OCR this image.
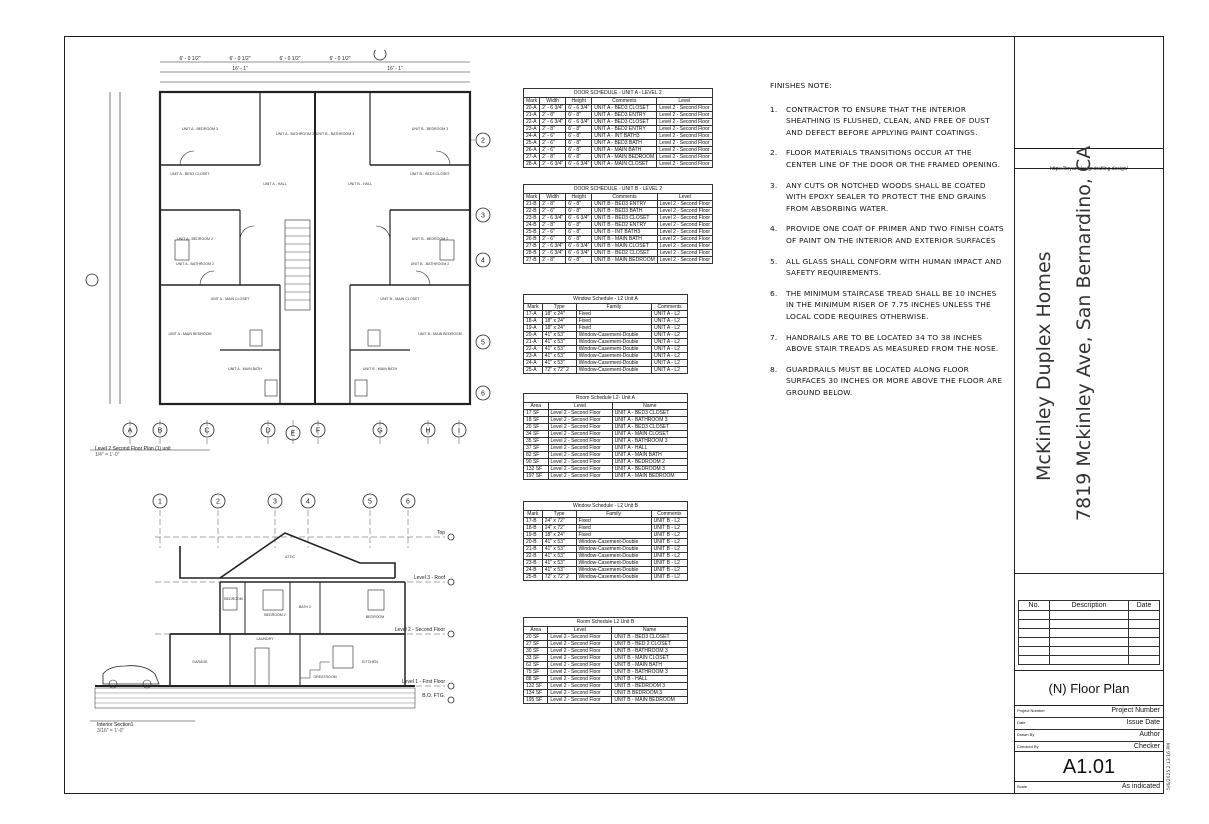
A	B	C	D	E	F	G	H	I
2
3
4
5
6
6' - 0 1/2"	6' - 0 1/2"	6' - 0 1/2"	6' - 0 1/2"
16' - 1"	16' - 1"
UNIT B - BEDROOM 3
UNIT A - BEDROOM 3
UNIT A - BATHROOM 3 UNIT B - BATHROOM 3
UNIT A - BED3 CLOSET	UNIT B - BED3 CLOSET
UNIT A - HALL	UNIT B - HALL
UNIT A - BEDROOM 2	UNIT B - BEDROOM 2
UNIT A - BATHROOM 2	UNIT B - BATHROOM 2
UNIT A - MAIN CLOSET	UNIT B - MAIN CLOSET
UNIT A - MAIN BEDROOM	UNIT B - MAIN BEDROOM
UNIT A - MAIN BATH	UNIT B - MAIN BATH
Level 2 Second Floor Plan (1) unit
1/4" = 1'-0"
1	2	3	4	5	6
Top
Level 3 - Roof
Level 2 - Second Floor
Level 1 - First Floor
B.O. FTG.
ATTIC
BEDROOM 1
BEDROOM 2
BATH 2
BEDROOM
LAUNDRY
GARAGE
GREATROOM
KITCHEN
Interior Section1
3/16" = 1'-0"
DOOR SCHEDULE - UNIT A - LEVEL 2
Mark	Width	Height	Comments	Level
20-A	2' - 6 3/4"	6' - 6 3/4"	UNIT A - BED3 CLOSET	Level 2 - Second Floor
21-A	2' - 8"	6' - 8"	UNIT A - BED3 ENTRY	Level 2 - Second Floor
22-A	2' - 6 3/4"	6' - 6 3/4"	UNIT A - BED3 CLOSET	Level 2 - Second Floor
23-A	2' - 8"	6' - 8"	UNIT A - BED2 ENTRY	Level 2 - Second Floor
24-A	2' - 6"	6' - 8"	UNIT A - INT BATH3	Level 2 - Second Floor
25-A	2' - 6"	6' - 8"	UNIT A - BED3 BATH	Level 2 - Second Floor
26-A	2' - 6"	6' - 8"	UNIT A - MAIN BATH	Level 2 - Second Floor
27-A	2' - 8"	6' - 8"	UNIT A - MAIN BEDROOM	Level 2 - Second Floor
28-A	2' - 6 3/4"	6' - 6 3/4"	UNIT A - MAIN CLOSET	Level 2 - Second Floor
DOOR SCHEDULE - UNIT B - LEVEL 2
Mark	Width	Height	Comments	Level
21-B	2' - 8"	6' - 8"	UNIT B - BED3 ENTRY	Level 2 - Second Floor
22-B	2' - 6"	6' - 8"	UNIT B - BED3 BATH	Level 2 - Second Floor
23-B	2' - 6 3/4"	6' - 6 3/4"	UNIT B - BED3 CLOSET	Level 2 - Second Floor
24-B	2' - 8"	6' - 8"	UNIT B - BED2 ENTRY	Level 2 - Second Floor
25-B	2' - 6"	6' - 8"	UNIT B - INT BATH3	Level 2 - Second Floor
26-B	2' - 6"	6' - 8"	UNIT B - MAIN BATH	Level 2 - Second Floor
27-B	2' - 6 3/4"	6' - 6 3/4"	UNIT B - MAIN CLOSET	Level 2 - Second Floor
28-B	2' - 6 3/4"	6' - 6 3/4"	UNIT B - BED2 CLOSET	Level 2 - Second Floor
27-B	2' - 8"	6' - 8"	UNIT B - MAIN BEDROOM	Level 2 - Second Floor
Window Schedule - L2 Unit A
Mark	Type	Family	Comments
17-A	18" x 24"	Fixed	UNIT A - L2
18-A	18" x 24"	Fixed	UNIT A - L2
19-A	18" x 24"	Fixed	UNIT A - L2
20-A	41" x 53"	Window-Casement-Double	UNIT A - L2
21-A	41" x 53"	Window-Casement-Double	UNIT A - L2
22-A	41" x 53"	Window-Casement-Double	UNIT A - L2
23-A	41" x 53"	Window-Casement-Double	UNIT A - L2
24-A	41" x 53"	Window-Casement-Double	UNIT A - L2
25-A	72" x 72" 2	Window-Casement-Double	UNIT A - L2
Room Schedule L2- Unit A
Area	Level	Name
17 SF	Level 2 - Second Floor	UNIT A - BED3 CLOSET
18 SF	Level 2 - Second Floor	UNIT A - BATHROOM 3
20 SF	Level 2 - Second Floor	UNIT A - BED3 CLOSET
34 SF	Level 2 - Second Floor	UNIT A - MAIN CLOSET
35 SF	Level 2 - Second Floor	UNIT A - BATHROOM 3
37 SF	Level 2 - Second Floor	UNIT A - HALL
82 SF	Level 2 - Second Floor	UNIT A - MAIN BATH
90 SF	Level 2 - Second Floor	UNIT A - BEDROOM 2
132 SF	Level 2 - Second Floor	UNIT A - BEDROOM 3
197 SF	Level 2 - Second Floor	UNIT A - MAIN BEDROOM
Window Schedule - L2 Unit B
Mark	Type	Family	Comments
17-B	24" x 72"	Fixed	UNIT B - L2
18-B	24" x 72"	Fixed	UNIT B - L2
19-B	18" x 24"	Fixed	UNIT B - L2
20-B	41" x 53"	Window-Casement-Double	UNIT B - L2
21-B	41" x 53"	Window-Casement-Double	UNIT B - L2
22-B	41" x 53"	Window-Casement-Double	UNIT B - L2
23-B	41" x 53"	Window-Casement-Double	UNIT B - L2
24-B	41" x 53"	Window-Casement-Double	UNIT B - L2
25-B	72" x 72" 2	Window-Casement-Double	UNIT B - L2
Room Schedule L2 Unit B
Area	Level	Name
20 SF	Level 2 - Second Floor	UNIT B - BED3 CLOSET
27 SF	Level 2 - Second Floor	UNIT B - BED 2 CLOSET
30 SF	Level 2 - Second Floor	UNIT B - BATHROOM 3
33 SF	Level 2 - Second Floor	UNIT B - MAIN CLOSET
62 SF	Level 2 - Second Floor	UNIT B - MAIN BATH
75 SF	Level 2 - Second Floor	UNIT B - BATHROOM 3
88 SF	Level 2 - Second Floor	UNIT B - HALL
132 SF	Level 2 - Second Floor	UNIT B - BEDROOM 3
134 SF	Level 2 - Second Floor	UNIT B BEDROOM 3
195 SF	Level 2 - Second Floor	UNIT B - MAIN BEDROOM
FINISHES NOTE:
1. CONTRACTOR TO ENSURE THAT THE INTERIOR SHEATHING IS FLUSHED, CLEAN, AND FREE OF DUST AND DEFECT BEFORE APPLYING PAINT COATINGS.
2. FLOOR MATERIALS TRANSITIONS OCCUR AT THE CENTER LINE OF THE DOOR OR THE FRAMED OPENING.
3. ANY CUTS OR NOTCHED WOODS SHALL BE COATED WITH EPOXY SEALER TO PROTECT THE END GRAINS FROM ABSORBING WATER.
4. PROVIDE ONE COAT OF PRIMER AND TWO FINISH COATS OF PAINT ON THE INTERIOR AND EXTERIOR SURFACES
5. ALL GLASS SHALL CONFORM WITH HUMAN IMPACT AND SAFETY REQUIREMENTS.
6. THE MINIMUM STAIRCASE TREAD SHALL BE 10 INCHES IN THE MINIMUM RISER OF 7.75 INCHES UNLESS THE LOCAL CODE REQUIRES OTHERWISE.
7. HANDRAILS ARE TO BE LOCATED 34 TO 38 INCHES ABOVE STAIR TREADS AS MEASURED FROM THE NOSE.
8. GUARDRAILS MUST BE LOCATED ALONG FLOOR SURFACES 30 INCHES OR MORE ABOVE THE FLOOR ARE GROUND BELOW.
https://bryantdesigndrafting.design/
McKinley Duplex Homes 7819 Mckinley Ave, San Bernardino, CA
No.	Description	Date

(N) Floor Plan
Project Number	Project Number
Date	Issue Date
Drawn By	Author
Checked By	Checker
A1.01
Scale	As indicated 5/6/2025 2:13:16 PM
